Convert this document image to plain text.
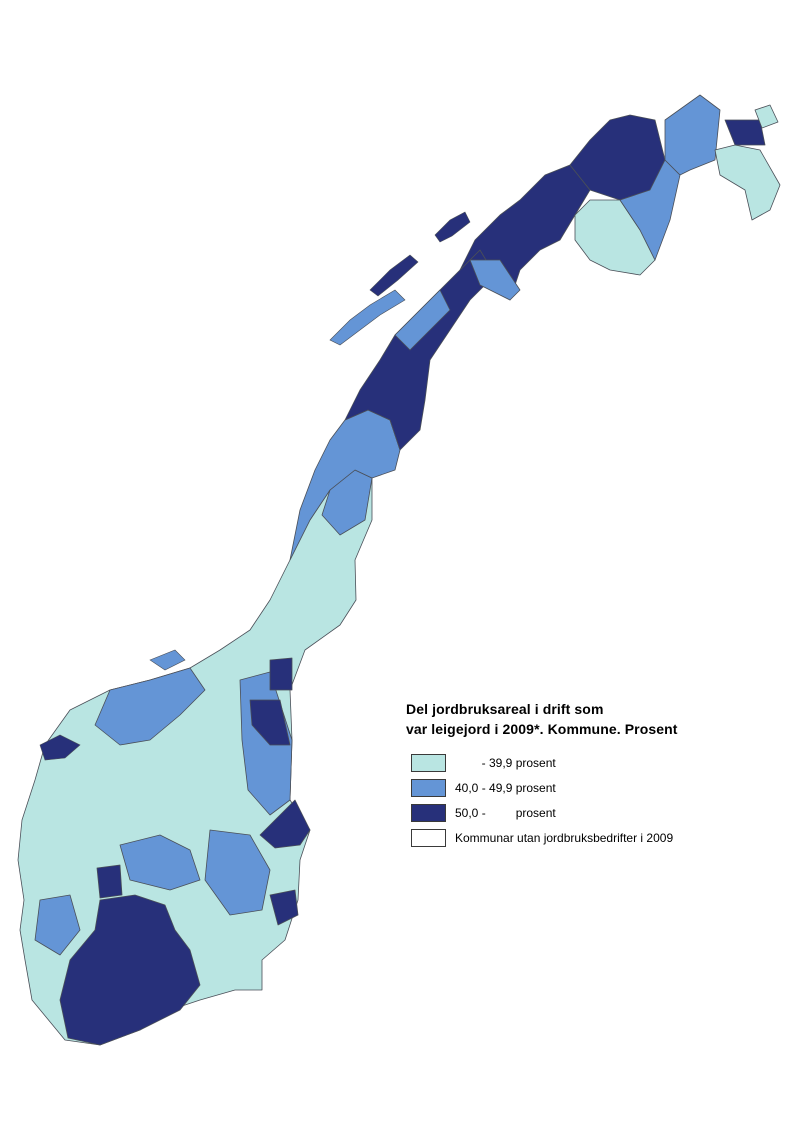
Del jordbruksareal i drift som
var leigejord i 2009*. Kommune. Prosent
- 39,9 prosent
40,0 - 49,9 prosent
50,0 -         prosent
Kommunar utan jordbruksbedrifter i 2009
